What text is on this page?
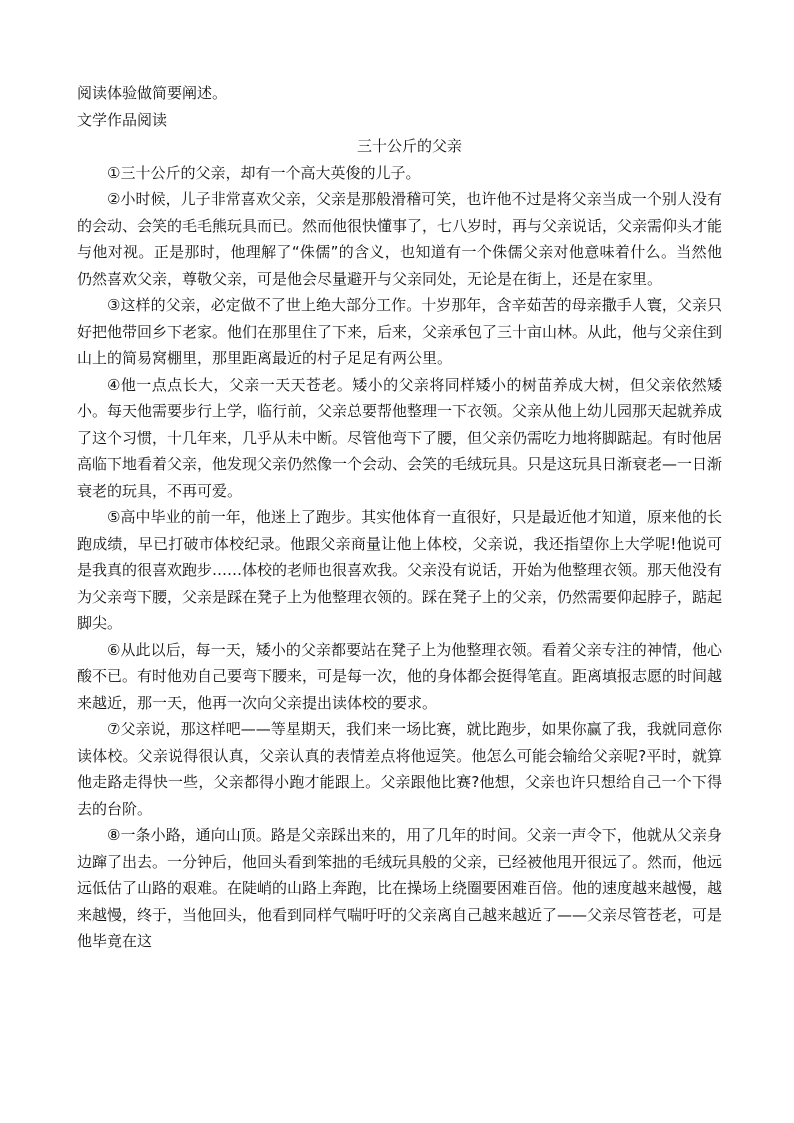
阅读体验做简要阐述。

文学作品阅读

三十公斤的父亲

①三十公斤的父亲，却有一个高大英俊的儿子。

②小时候，儿子非常喜欢父亲，父亲是那般滑稽可笑，也许他不过是将父亲当成一个别人没有的会动、会笑的毛毛熊玩具而已。然而他很快懂事了，七八岁时，再与父亲说话，父亲需仰头才能与他对视。正是那时，他理解了“侏儒”的含义，也知道有一个侏儒父亲对他意味着什么。当然他仍然喜欢父亲，尊敬父亲，可是他会尽量避开与父亲同处，无论是在街上，还是在家里。

③这样的父亲，必定做不了世上绝大部分工作。十岁那年，含辛茹苦的母亲撒手人寰，父亲只好把他带回乡下老家。他们在那里住了下来，后来，父亲承包了三十亩山林。从此，他与父亲住到山上的简易窝棚里，那里距离最近的村子足足有两公里。

④他一点点长大，父亲一天天苍老。矮小的父亲将同样矮小的树苗养成大树，但父亲依然矮小。每天他需要步行上学，临行前，父亲总要帮他整理一下衣领。父亲从他上幼儿园那天起就养成了这个习惯，十几年来，几乎从未中断。尽管他弯下了腰，但父亲仍需吃力地将脚踮起。有时他居高临下地看着父亲，他发现父亲仍然像一个会动、会笑的毛绒玩具。只是这玩具日渐衰老—一日渐衰老的玩具，不再可爱。

⑤高中毕业的前一年，他迷上了跑步。其实他体育一直很好，只是最近他才知道，原来他的长跑成绩，早已打破市体校纪录。他跟父亲商量让他上体校，父亲说，我还指望你上大学呢!他说可是我真的很喜欢跑步……体校的老师也很喜欢我。父亲没有说话，开始为他整理衣领。那天他没有为父亲弯下腰，父亲是踩在凳子上为他整理衣领的。踩在凳子上的父亲，仍然需要仰起脖子，踮起脚尖。

⑥从此以后，每一天，矮小的父亲都要站在凳子上为他整理衣领。看着父亲专注的神情，他心酸不已。有时他劝自己要弯下腰来，可是每一次，他的身体都会挺得笔直。距离填报志愿的时间越来越近，那一天，他再一次向父亲提出读体校的要求。

⑦父亲说，那这样吧——等星期天，我们来一场比赛，就比跑步，如果你赢了我，我就同意你读体校。父亲说得很认真，父亲认真的表情差点将他逗笑。他怎么可能会输给父亲呢?平时，就算他走路走得快一些，父亲都得小跑才能跟上。父亲跟他比赛?他想，父亲也许只想给自己一个下得去的台阶。

⑧一条小路，通向山顶。路是父亲踩出来的，用了几年的时间。父亲一声令下，他就从父亲身边蹿了出去。一分钟后，他回头看到笨拙的毛绒玩具般的父亲，已经被他甩开很远了。然而，他远远低估了山路的艰难。在陡峭的山路上奔跑，比在操场上绕圈要困难百倍。他的速度越来越慢，越来越慢，终于，当他回头，他看到同样气喘吁吁的父亲离自己越来越近了——父亲尽管苍老，可是他毕竟在这
